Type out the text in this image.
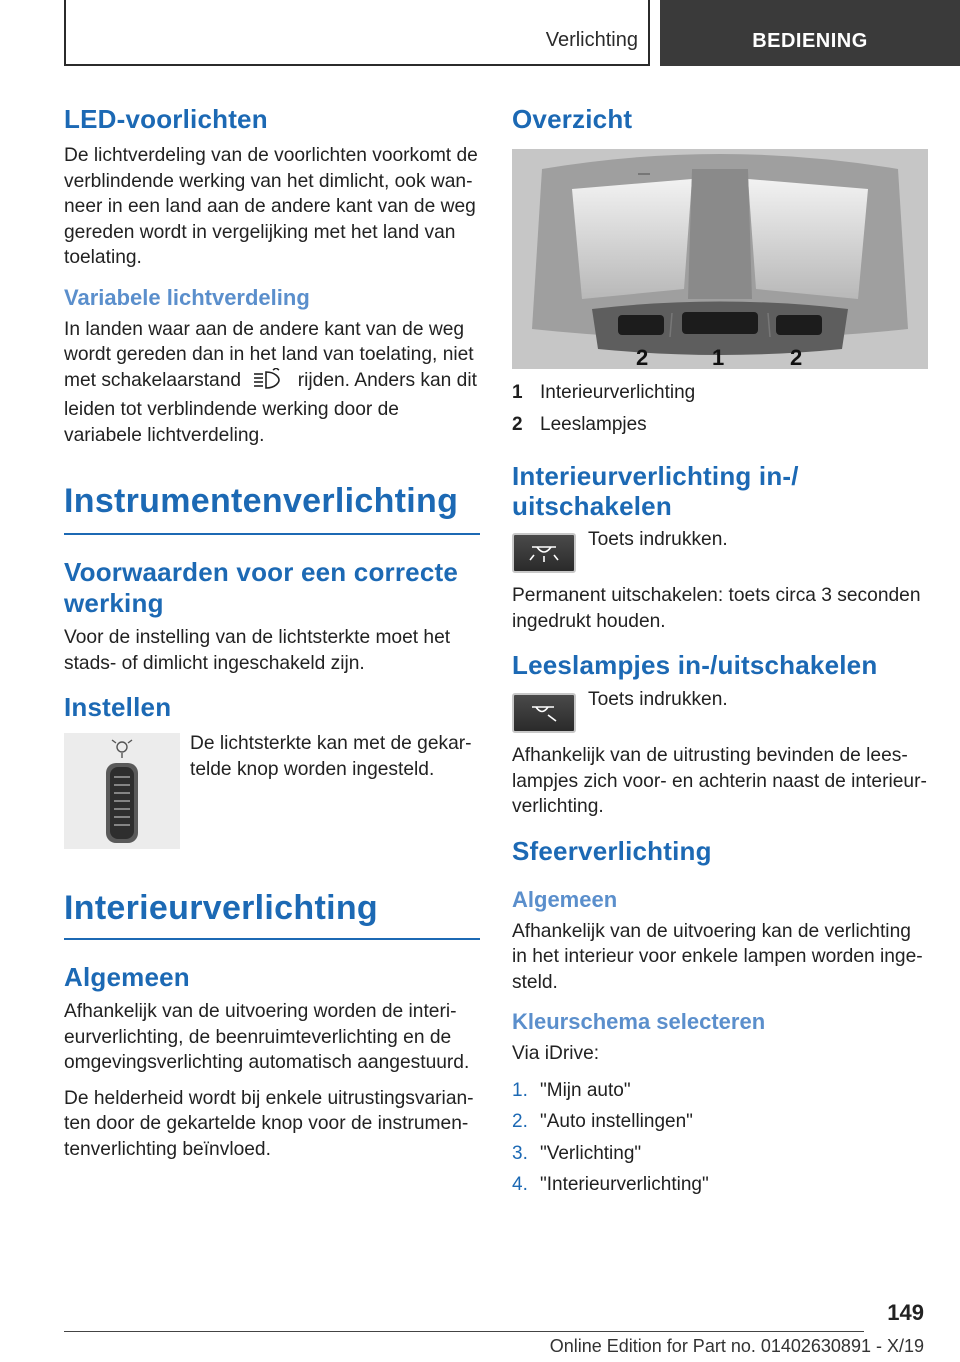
Verlichting	BEDIENING
LED-voorlichten
De lichtverdeling van de voorlichten voorkomt de verblindende werking van het dimlicht, ook wan-neer in een land aan de andere kant van de weg gereden wordt in vergelijking met het land van toelating.
Variabele lichtverdeling
In landen waar aan de andere kant van de weg wordt gereden dan in het land van toelating, niet met schakelaarstand	rijden. Anders kan dit leiden tot verblindende werking door de variabele lichtverdeling.
Instrumentenverlichting
Voorwaarden voor een correcte werking
Voor de instelling van de lichtsterkte moet het stads- of dimlicht ingeschakeld zijn.
Instellen
De lichtsterkte kan met de gekar-telde knop worden ingesteld.
Interieurverlichting
Algemeen
Afhankelijk van de uitvoering worden de interi-eurverlichting, de beenruimteverlichting en de omgevingsverlichting automatisch aangestuurd.
De helderheid wordt bij enkele uitrustingsvarian-ten door de gekartelde knop voor de instrumen-tenverlichting beïnvloed.
Overzicht
2	1	2
1 Interieurverlichting
2 Leeslampjes
Interieurverlichting in-/ uitschakelen
Toets indrukken.
Permanent uitschakelen: toets circa 3 seconden ingedrukt houden.
Leeslampjes in-/uitschakelen
Toets indrukken.
Afhankelijk van de uitrusting bevinden de lees-lampjes zich voor- en achterin naast de interieur-verlichting.
Sfeerverlichting
Algemeen
Afhankelijk van de uitvoering kan de verlichting in het interieur voor enkele lampen worden inge-steld.
Kleurschema selecteren
Via iDrive:
1. "Mijn auto"
2. "Auto instellingen"
3. "Verlichting"
4. "Interieurverlichting"
149
Online Edition for Part no. 01402630891 - X/19
